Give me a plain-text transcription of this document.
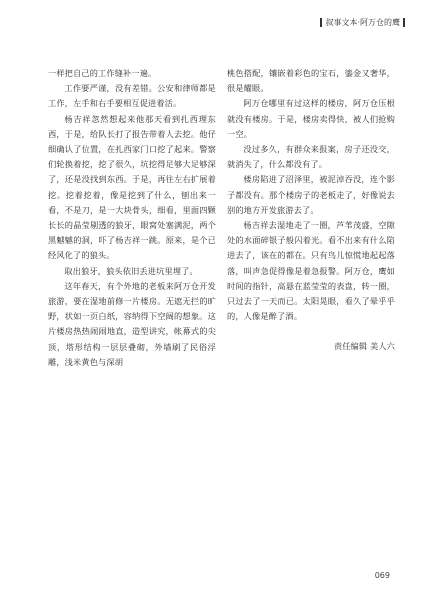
叙事文本·阿万仓的鹰

一样把自己的工作缝补一遍。

工作要严谨，没有差错。公安和律师都是工作，左手和右手要相互促进着活。

杨吉祥忽然想起来他那天看到扎西理东西，于是，给队长打了报告带着人去挖。他仔细确认了位置，在扎西家门口挖了起来。警察们轮换着挖，挖了很久，坑挖得足够大足够深了，还是没找到东西。于是，再往左右扩展着挖。挖着挖着，像是挖到了什么，刨出来一看，不是刀，是一大块骨头，细看，里面四颗长长的晶莹剔透的狼牙，眼窝处塞满泥，两个黑魆魆的洞，吓了杨吉祥一跳。原来，是个已经风化了的狼头。

取出狼牙，狼头依旧丢进坑里埋了。

这年春天，有个外地的老板来阿万仓开发旅游，要在湿地前修一片楼房。无遮无拦的旷野，状如一页白纸，容纳得下空阔的想象。这片楼房热热闹闹地直，造型讲究，帐幕式的尖顶，塔形结构一层层叠砌，外墙刷了民俗浮雕，浅米黄色与深胡

桃色搭配，镶嵌着彩色的宝石，鎏金又奢华，很是耀眼。

阿万仓哪里有过这样的楼房，阿万仓压根就没有楼房。于是，楼房卖得快，被人们抢购一空。

没过多久，有群众来报案，房子还没交，就消失了，什么都没有了。

楼房陷进了沼泽里，被泥淖吞没，连个影子都没有。那个楼房子的老板走了，好像说去别的地方开发旅游去了。

杨吉祥去湿地走了一圈，芦苇茂盛，空隙处的水面碎银子般闪着光。看不出来有什么陷进去了，该在的都在。只有鸟儿惊慌地起起落落，叫声急促得像是着急报警。阿万仓，鹰如时间的指针，高悬在蓝莹莹的表盘，转一圈，只过去了一天而已。太阳晃眼，看久了晕乎乎的，人像是醉了酒。

责任编辑 美人六

069
